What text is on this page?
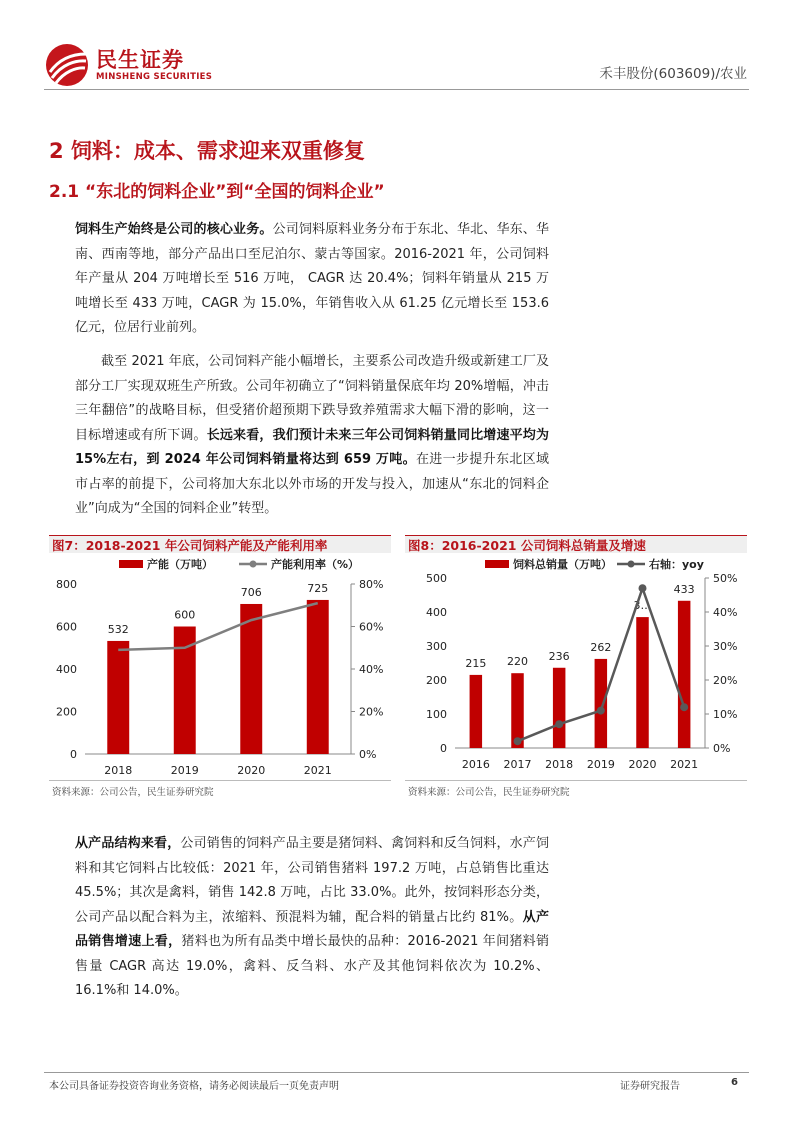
民生证券
MINSHENG SECURITIES	禾丰股份(603609)/农业
2 饲料：成本、需求迎来双重修复
2.1 “东北的饲料企业”到“全国的饲料企业”
饲料生产始终是公司的核心业务。公司饲料原料业务分布于东北、华北、华东、华南、西南等地，部分产品出口至尼泊尔、蒙古等国家。2016-2021 年，公司饲料年产量从 204 万吨增长至 516 万吨， CAGR 达 20.4%；饲料年销量从 215 万吨增长至 433 万吨，CAGR 为 15.0%，年销售收入从 61.25 亿元增长至 153.6 亿元，位居行业前列。
截至 2021 年底，公司饲料产能小幅增长，主要系公司改造升级或新建工厂及部分工厂实现双班生产所致。公司年初确立了“饲料销量保底年均 20%增幅，冲击三年翻倍”的战略目标，但受猪价超预期下跌导致养殖需求大幅下滑的影响，这一目标增速或有所下调。长远来看，我们预计未来三年公司饲料销量同比增速平均为 15%左右，到 2024 年公司饲料销量将达到 659 万吨。在进一步提升东北区域市占率的前提下，公司将加大东北以外市场的开发与投入，加速从“东北的饲料企业”向成为“全国的饲料企业”转型。
图7：2018-2021 年公司饲料产能及产能利用率
产能（万吨）	产能利用率（%）
0
200
400
600
800
0%
20%
40%
60%
80%
532
2018
600
2019
706
2020
725
2021
资料来源：公司公告，民生证券研究院
图8：2016-2021 公司饲料总销量及增速
饲料总销量（万吨）	右轴：yoy
0
100
200
300
400
500
0%
10%
20%
30%
40%
50%
215
2016
220
2017
236
2018
262
2019
3…
2020
433
2021
资料来源：公司公告，民生证券研究院
从产品结构来看，公司销售的饲料产品主要是猪饲料、禽饲料和反刍饲料，水产饲料和其它饲料占比较低：2021 年，公司销售猪料 197.2 万吨，占总销售比重达 45.5%；其次是禽料，销售 142.8 万吨，占比 33.0%。此外，按饲料形态分类，公司产品以配合料为主，浓缩料、预混料为辅，配合料的销量占比约 81%。从产品销售增速上看，猪料也为所有品类中增长最快的品种：2016-2021 年间猪料销售量 CAGR 高达 19.0%，禽料、反刍料、水产及其他饲料依次为 10.2%、16.1%和 14.0%。
本公司具备证券投资咨询业务资格，请务必阅读最后一页免责声明	证券研究报告	6
